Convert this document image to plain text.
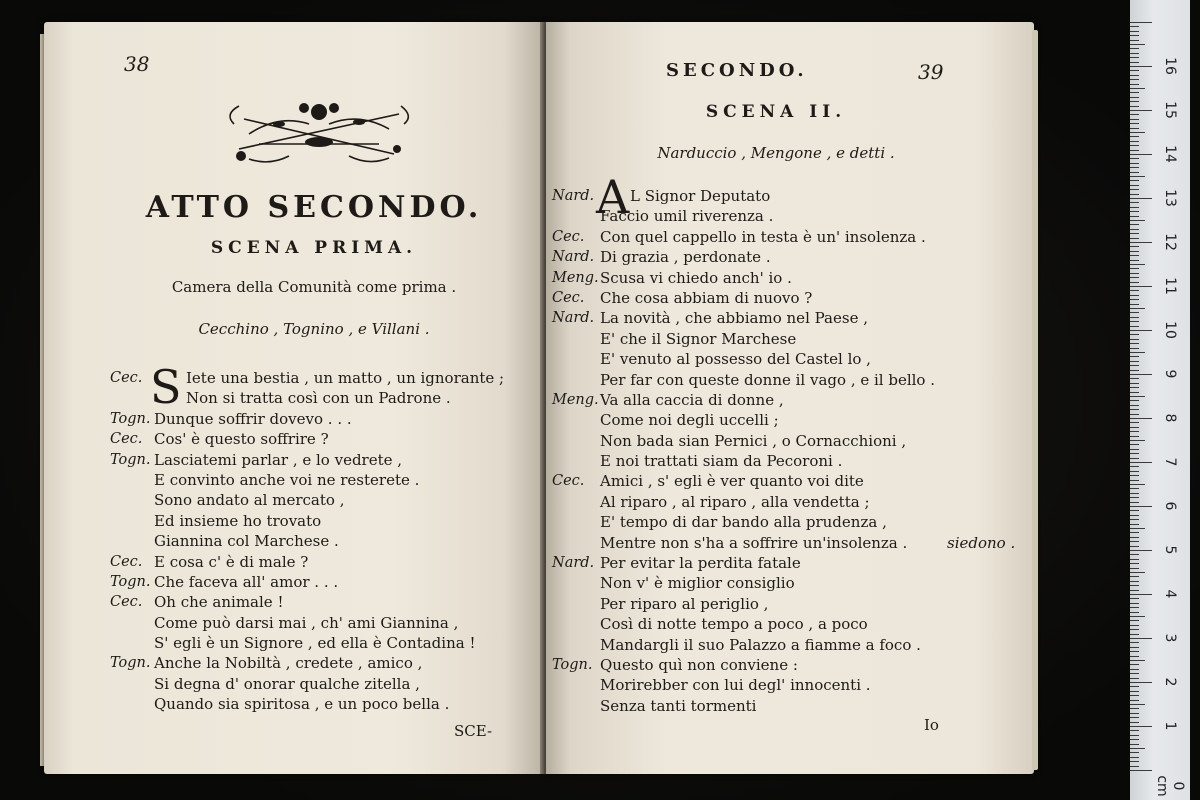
38
ATTO SECONDO.
SCENA PRIMA.
Camera della Comunità come prima .
Cecchino , Tognino , e Villani .
Cec. S Iete una bestia , un matto , un ignorante ;
Non si tratta così con un Padrone .
Togn. Dunque soffrir dovevo . . .
Cec. Cos' è questo soffrire ?
Togn. Lasciatemi parlar , e lo vedrete ,
E convinto anche voi ne resterete .
Sono andato al mercato ,
Ed insieme ho trovato
Giannina col Marchese .
Cec. E cosa c' è di male ?
Togn. Che faceva all' amor . . .
Cec. Oh che animale !
Come può darsi mai , ch' ami Giannina ,
S' egli è un Signore , ed ella è Contadina !
Togn. Anche la Nobiltà , credete , amico ,
Si degna d' onorar qualche zitella ,
Quando sia spiritosa , e un poco bella .
SCE-
SECONDO.	39
SCENA II.
Narduccio , Mengone , e detti .
Nard. A L Signor Deputato
Faccio umil riverenza .
Cec. Con quel cappello in testa è un' insolenza .
Nard. Di grazia , perdonate .
Meng. Scusa vi chiedo anch' io .
Cec. Che cosa abbiam di nuovo ?
Nard. La novità , che abbiamo nel Paese ,
E' che il Signor Marchese
E' venuto al possesso del Castel lo ,
Per far con queste donne il vago , e il bello .
Meng. Va alla caccia di donne ,
Come noi degli uccelli ;
Non bada sian Pernici , o Cornacchioni ,
E noi trattati siam da Pecoroni .
Cec. Amici , s' egli è ver quanto voi dite
Al riparo , al riparo , alla vendetta ;
E' tempo di dar bando alla prudenza ,
Mentre non s'ha a soffrire un'insolenza .	siedono .
Nard. Per evitar la perdita fatale
Non v' è miglior consiglio
Per riparo al periglio ,
Così di notte tempo a poco , a poco
Mandargli il suo Palazzo a fiamme a foco .
Togn. Questo quì non conviene :
Morirebber con lui degl' innocenti .
Senza tanti tormenti
Io
0 cm
1
2
3
4
5
6
7
8
9
10
11
12
13
14
15
16
